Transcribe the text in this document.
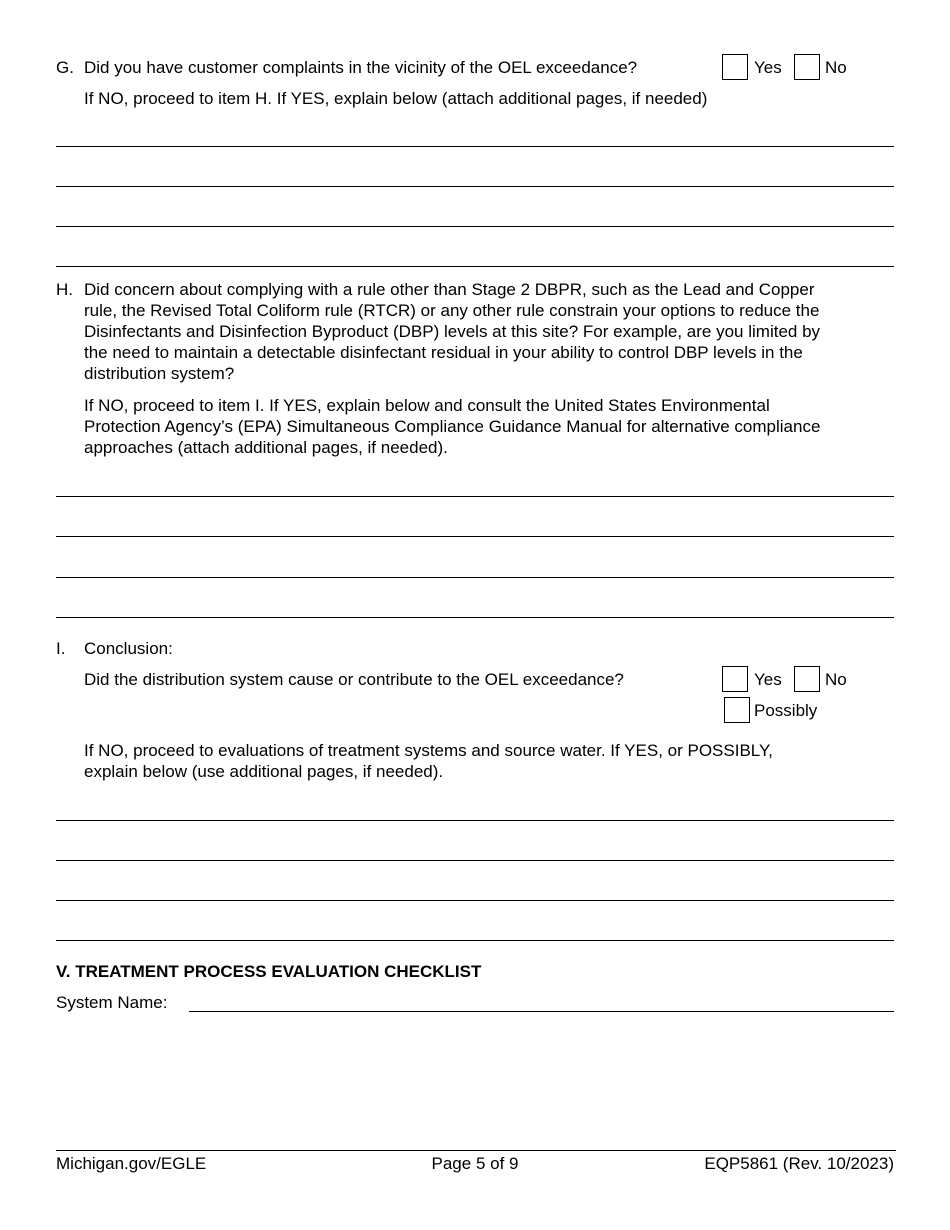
G. Did you have customer complaints in the vicinity of the OEL exceedance?	Yes	No
If NO, proceed to item H. If YES, explain below (attach additional pages, if needed)
H. Did concern about complying with a rule other than Stage 2 DBPR, such as the Lead and Copper
rule, the Revised Total Coliform rule (RTCR) or any other rule constrain your options to reduce the
Disinfectants and Disinfection Byproduct (DBP) levels at this site? For example, are you limited by
the need to maintain a detectable disinfectant residual in your ability to control DBP levels in the
distribution system?
If NO, proceed to item I. If YES, explain below and consult the United States Environmental
Protection Agency’s (EPA) Simultaneous Compliance Guidance Manual for alternative compliance
approaches (attach additional pages, if needed).
I. Conclusion:
Did the distribution system cause or contribute to the OEL exceedance?	Yes	No
Possibly
If NO, proceed to evaluations of treatment systems and source water. If YES, or POSSIBLY,
explain below (use additional pages, if needed).
V. TREATMENT PROCESS EVALUATION CHECKLIST
System Name:
Michigan.gov/EGLE	Page 5 of 9	EQP5861 (Rev. 10/2023)
